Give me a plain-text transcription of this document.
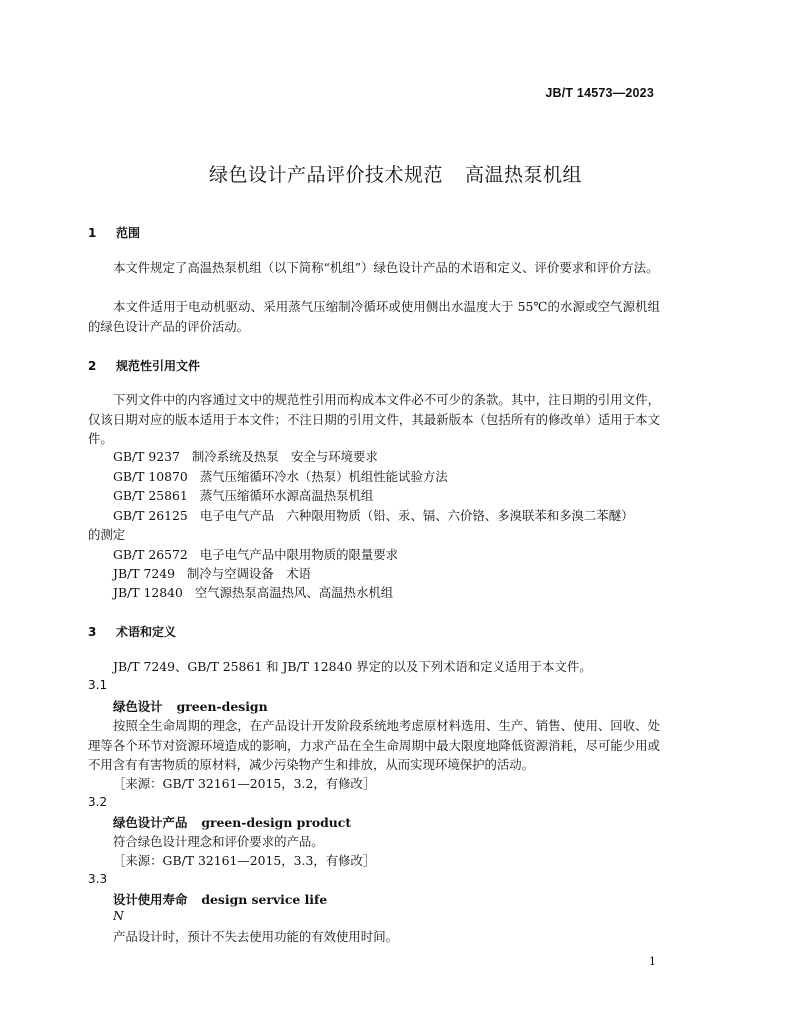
JB/T 14573—2023
绿色设计产品评价技术规范 高温热泵机组
1 范围
本文件规定了高温热泵机组（以下简称“机组”）绿色设计产品的术语和定义、评价要求和评价方法。
本文件适用于电动机驱动、采用蒸气压缩制冷循环或使用侧出水温度大于 55℃的水源或空气源机组的绿色设计产品的评价活动。
2 规范性引用文件
下列文件中的内容通过文中的规范性引用而构成本文件必不可少的条款。其中，注日期的引用文件，仅该日期对应的版本适用于本文件；不注日期的引用文件，其最新版本（包括所有的修改单）适用于本文件。
GB/T 9237 制冷系统及热泵　安全与环境要求
GB/T 10870 蒸气压缩循环冷水（热泵）机组性能试验方法
GB/T 25861 蒸气压缩循环水源高温热泵机组
GB/T 26125 电子电气产品　六种限用物质（铅、汞、镉、六价铬、多溴联苯和多溴二苯醚）
的测定
GB/T 26572 电子电气产品中限用物质的限量要求
JB/T 7249 制冷与空调设备　术语
JB/T 12840 空气源热泵高温热风、高温热水机组
3 术语和定义
JB/T 7249、GB/T 25861 和 JB/T 12840 界定的以及下列术语和定义适用于本文件。
3.1
绿色设计 green-design
按照全生命周期的理念，在产品设计开发阶段系统地考虑原材料选用、生产、销售、使用、回收、处理等各个环节对资源环境造成的影响，力求产品在全生命周期中最大限度地降低资源消耗，尽可能少用或不用含有有害物质的原材料，减少污染物产生和排放，从而实现环境保护的活动。
［来源：GB/T 32161—2015，3.2，有修改］
3.2
绿色设计产品 green-design product
符合绿色设计理念和评价要求的产品。
［来源：GB/T 32161—2015，3.3，有修改］
3.3
设计使用寿命 design service life
N
产品设计时，预计不失去使用功能的有效使用时间。
1
